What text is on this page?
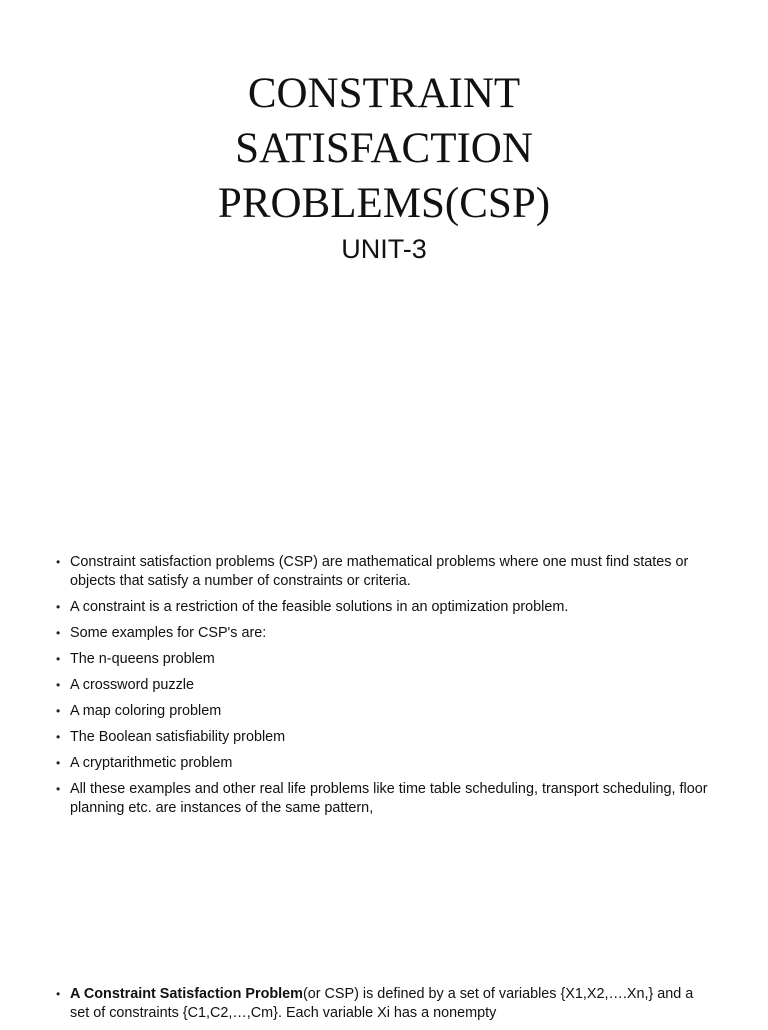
CONSTRAINT
SATISFACTION
PROBLEMS(CSP)

UNIT-3

• Constraint satisfaction problems (CSP) are mathematical problems where one must find states or objects that satisfy a number of constraints or criteria.
• A constraint is a restriction of the feasible solutions in an optimization problem.
• Some examples for CSP's are:
• The n-queens problem
• A crossword puzzle
• A map coloring problem
• The Boolean satisfiability problem
• A cryptarithmetic problem
• All these examples and other real life problems like time table scheduling, transport scheduling, floor planning etc. are instances of the same pattern,
• A Constraint Satisfaction Problem(or CSP) is defined by a set of variables {X1,X2,….Xn,} and a set of constraints {C1,C2,…,Cm}. Each variable Xi has a nonempty
